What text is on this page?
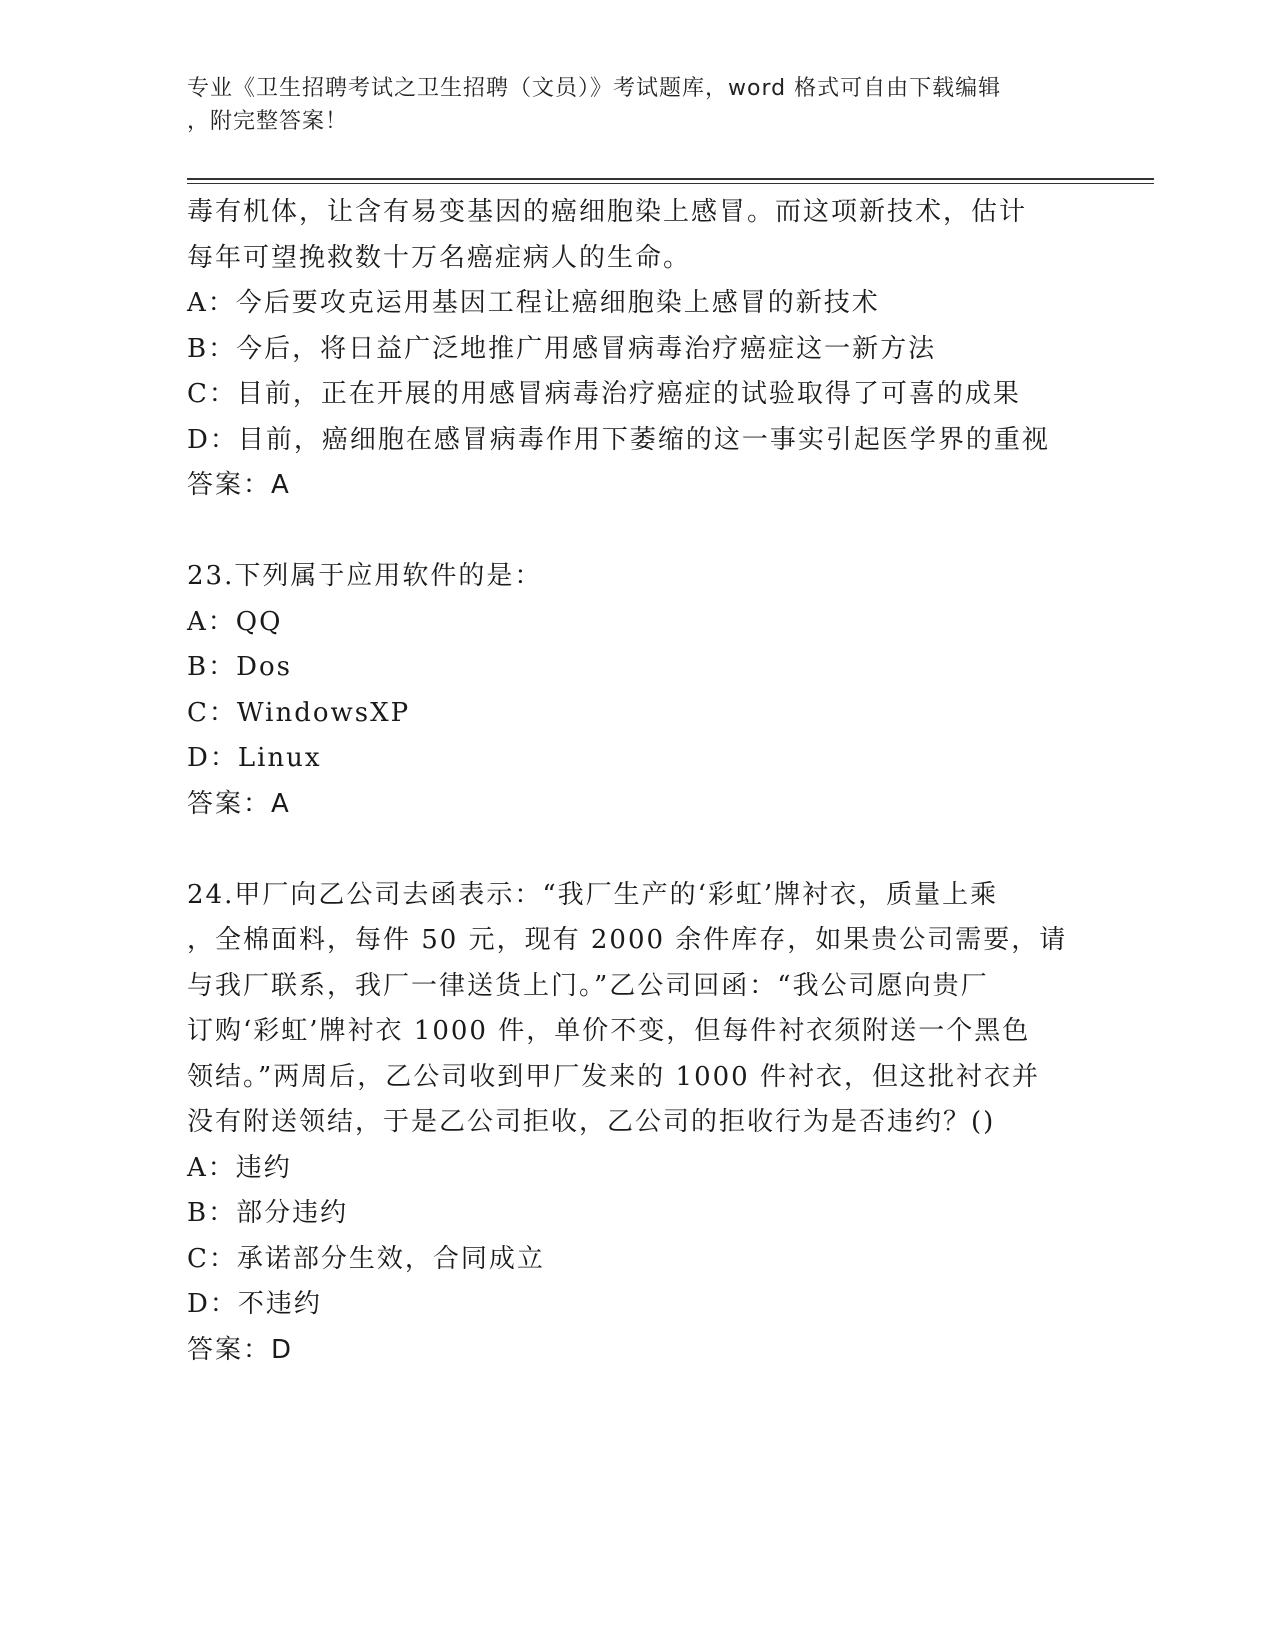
专业《卫生招聘考试之卫生招聘（文员）》考试题库，word 格式可自由下载编辑
，附完整答案！
毒有机体，让含有易变基因的癌细胞染上感冒。而这项新技术，估计
每年可望挽救数十万名癌症病人的生命。
A：今后要攻克运用基因工程让癌细胞染上感冒的新技术
B：今后，将日益广泛地推广用感冒病毒治疗癌症这一新方法
C：目前，正在开展的用感冒病毒治疗癌症的试验取得了可喜的成果
D：目前，癌细胞在感冒病毒作用下萎缩的这一事实引起医学界的重视
答案：A
23.下列属于应用软件的是：
A：QQ
B：Dos
C：WindowsXP
D：Linux
答案：A
24.甲厂向乙公司去函表示：“我厂生产的‘彩虹’牌衬衣，质量上乘
，全棉面料，每件 50 元，现有 2000 余件库存，如果贵公司需要，请
与我厂联系，我厂一律送货上门。”乙公司回函：“我公司愿向贵厂
订购‘彩虹’牌衬衣 1000 件，单价不变，但每件衬衣须附送一个黑色
领结。”两周后，乙公司收到甲厂发来的 1000 件衬衣，但这批衬衣并
没有附送领结，于是乙公司拒收，乙公司的拒收行为是否违约？()
A：违约
B：部分违约
C：承诺部分生效，合同成立
D：不违约
答案：D
